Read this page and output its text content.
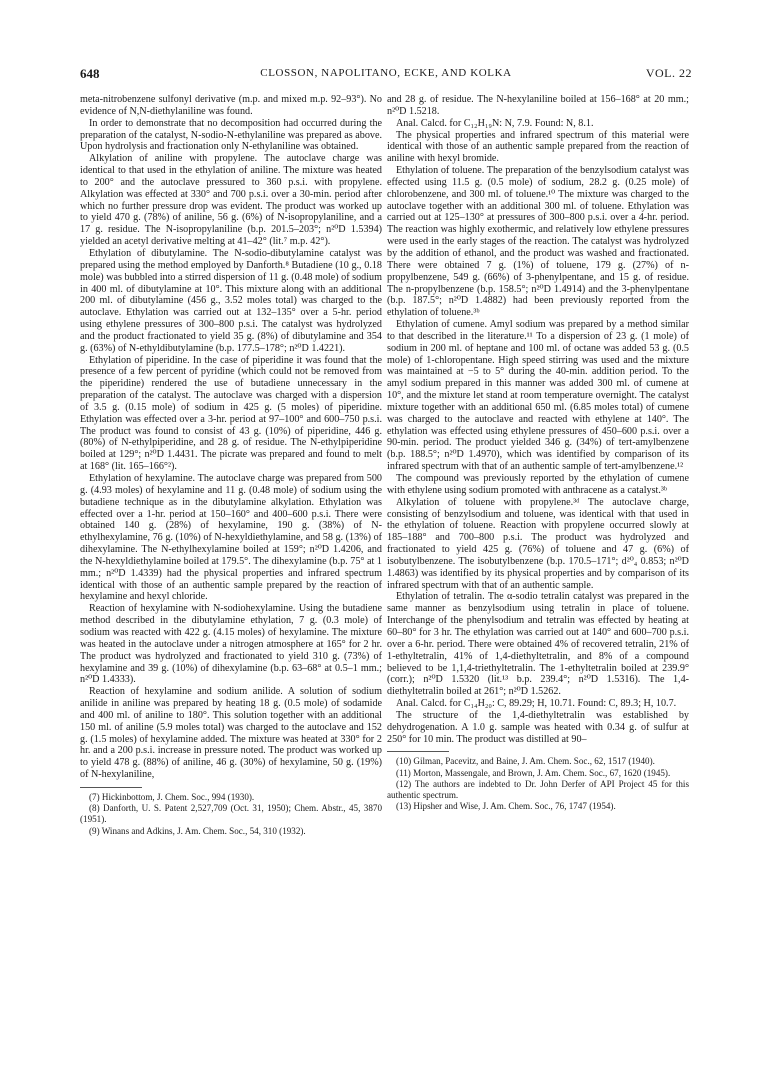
648	CLOSSON, NAPOLITANO, ECKE, AND KOLKA	VOL. 22

meta-nitrobenzene sulfonyl derivative (m.p. and mixed m.p. 92–93°). No evidence of N,N-diethylaniline was found.

In order to demonstrate that no decomposition had occurred during the preparation of the catalyst, N-sodio-N-ethylaniline was prepared as above. Upon hydrolysis and fractionation only N-ethylaniline was obtained.

Alkylation of aniline with propylene. The autoclave charge was identical to that used in the ethylation of aniline. The mixture was heated to 200° and the autoclave pressured to 360 p.s.i. with propylene. Alkylation was effected at 330° and 700 p.s.i. over a 30-min. period after which no further pressure drop was evident. The product was worked up to yield 470 g. (78%) of aniline, 56 g. (6%) of N-isopropylaniline, and a 17 g. residue. The N-isopropylaniline (b.p. 201.5–203°; n²⁰D 1.5394) yielded an acetyl derivative melting at 41–42° (lit.⁷ m.p. 42°).

Ethylation of dibutylamine. The N-sodio-dibutylamine catalyst was prepared using the method employed by Danforth.⁸ Butadiene (10 g., 0.18 mole) was bubbled into a stirred dispersion of 11 g. (0.48 mole) of sodium in 400 ml. of dibutylamine at 10°. This mixture along with an additional 200 ml. of dibutylamine (456 g., 3.52 moles total) was charged to the autoclave. Ethylation was carried out at 132–135° over a 5-hr. period using ethylene pressures of 300–800 p.s.i. The catalyst was hydrolyzed and the product fractionated to yield 35 g. (8%) of dibutylamine and 354 g. (63%) of N-ethyldibutylamine (b.p. 177.5–178°; n²⁰D 1.4221).

Ethylation of piperidine. In the case of piperidine it was found that the presence of a few percent of pyridine (which could not be removed from the piperidine) rendered the use of butadiene unnecessary in the preparation of the catalyst. The autoclave was charged with a dispersion of 3.5 g. (0.15 mole) of sodium in 425 g. (5 moles) of piperidine. Ethylation was effected over a 3-hr. period at 97–100° and 600–750 p.s.i. The product was found to consist of 43 g. (10%) of piperidine, 446 g. (80%) of N-ethylpiperidine, and 28 g. of residue. The N-ethylpiperidine boiled at 129°; n²⁰D 1.4431. The picrate was prepared and found to melt at 168° (lit. 165–166°²).

Ethylation of hexylamine. The autoclave charge was prepared from 500 g. (4.93 moles) of hexylamine and 11 g. (0.48 mole) of sodium using the butadiene technique as in the dibutylamine alkylation. Ethylation was effected over a 1-hr. period at 150–160° and 400–600 p.s.i. There were obtained 140 g. (28%) of hexylamine, 190 g. (38%) of N-ethylhexylamine, 76 g. (10%) of N-hexyldiethylamine, and 58 g. (13%) of dihexylamine. The N-ethylhexylamine boiled at 159°; n²⁰D 1.4206, and the N-hexyldiethylamine boiled at 179.5°. The dihexylamine (b.p. 75° at 1 mm.; n²⁰D 1.4339) had the physical properties and infrared spectrum identical with those of an authentic sample prepared by the reaction of hexylamine and hexyl chloride.

Reaction of hexylamine with N-sodiohexylamine. Using the butadiene method described in the dibutylamine ethylation, 7 g. (0.3 mole) of sodium was reacted with 422 g. (4.15 moles) of hexylamine. The mixture was heated in the autoclave under a nitrogen atmosphere at 165° for 2 hr. The product was hydrolyzed and fractionated to yield 310 g. (73%) of hexylamine and 39 g. (10%) of dihexylamine (b.p. 63–68° at 0.5–1 mm.; n²⁰D 1.4333).

Reaction of hexylamine and sodium anilide. A solution of sodium anilide in aniline was prepared by heating 18 g. (0.5 mole) of sodamide and 400 ml. of aniline to 180°. This solution together with an additional 150 ml. of aniline (5.9 moles total) was charged to the autoclave and 152 g. (1.5 moles) of hexylamine added. The mixture was heated at 330° for 2 hr. and a 200 p.s.i. increase in pressure noted. The product was worked up to yield 478 g. (88%) of aniline, 46 g. (30%) of hexylamine, 50 g. (19%) of N-hexylaniline,

(7) Hickinbottom, J. Chem. Soc., 994 (1930).

(8) Danforth, U. S. Patent 2,527,709 (Oct. 31, 1950); Chem. Abstr., 45, 3870 (1951).

(9) Winans and Adkins, J. Am. Chem. Soc., 54, 310 (1932).

and 28 g. of residue. The N-hexylaniline boiled at 156–168° at 20 mm.; n²⁰D 1.5218.

Anal. Calcd. for C₁₂H₁₉N: N, 7.9. Found: N, 8.1.

The physical properties and infrared spectrum of this material were identical with those of an authentic sample prepared from the reaction of aniline with hexyl bromide.

Ethylation of toluene. The preparation of the benzylsodium catalyst was effected using 11.5 g. (0.5 mole) of sodium, 28.2 g. (0.25 mole) of chlorobenzene, and 300 ml. of toluene.¹⁰ The mixture was charged to the autoclave together with an additional 300 ml. of toluene. Ethylation was carried out at 125–130° at pressures of 300–800 p.s.i. over a 4-hr. period. The reaction was highly exothermic, and relatively low ethylene pressures were used in the early stages of the reaction. The catalyst was hydrolyzed by the addition of ethanol, and the product was washed and fractionated. There were obtained 7 g. (1%) of toluene, 179 g. (27%) of n-propylbenzene, 549 g. (66%) of 3-phenylpentane, and 15 g. of residue. The n-propylbenzene (b.p. 158.5°; n²⁰D 1.4914) and the 3-phenylpentane (b.p. 187.5°; n²⁰D 1.4882) had been previously reported from the ethylation of toluene.³ᵇ

Ethylation of cumene. Amyl sodium was prepared by a method similar to that described in the literature.¹¹ To a dispersion of 23 g. (1 mole) of sodium in 200 ml. of heptane and 100 ml. of octane was added 53 g. (0.5 mole) of 1-chloropentane. High speed stirring was used and the mixture was maintained at −5 to 5° during the 40-min. addition period. To the amyl sodium prepared in this manner was added 300 ml. of cumene at 10°, and the mixture let stand at room temperature overnight. The catalyst mixture together with an additional 650 ml. (6.85 moles total) of cumene was charged to the autoclave and reacted with ethylene at 140°. The ethylation was effected using ethylene pressures of 450–600 p.s.i. over a 90-min. period. The product yielded 346 g. (34%) of tert-amylbenzene (b.p. 188.5°; n²⁰D 1.4970), which was identified by comparison of its infrared spectrum with that of an authentic sample of tert-amylbenzene.¹²

The compound was previously reported by the ethylation of cumene with ethylene using sodium promoted with anthracene as a catalyst.³ᵇ

Alkylation of toluene with propylene.³ᵈ The autoclave charge, consisting of benzylsodium and toluene, was identical with that used in the ethylation of toluene. Reaction with propylene occurred slowly at 185–188° and 700–800 p.s.i. The product was hydrolyzed and fractionated to yield 425 g. (76%) of toluene and 47 g. (6%) of isobutylbenzene. The isobutylbenzene (b.p. 170.5–171°; d²⁰₄ 0.853; n²⁰D 1.4863) was identified by its physical properties and by comparison of its infrared spectrum with that of an authentic sample.

Ethylation of tetralin. The α-sodio tetralin catalyst was prepared in the same manner as benzylsodium using tetralin in place of toluene. Interchange of the phenylsodium and tetralin was effected by heating at 60–80° for 3 hr. The ethylation was carried out at 140° and 600–700 p.s.i. over a 6-hr. period. There were obtained 4% of recovered tetralin, 21% of 1-ethyltetralin, 41% of 1,4-diethyltetralin, and 8% of a compound believed to be 1,1,4-triethyltetralin. The 1-ethyltetralin boiled at 239.9° (corr.); n²⁰D 1.5320 (lit.¹³ b.p. 239.4°; n²⁰D 1.5316). The 1,4-diethyltetralin boiled at 261°; n²⁰D 1.5262.

Anal. Calcd. for C₁₄H₂₀: C, 89.29; H, 10.71. Found: C, 89.3; H, 10.7.

The structure of the 1,4-diethyltetralin was established by dehydrogenation. A 1.0 g. sample was heated with 0.34 g. of sulfur at 250° for 10 min. The product was distilled at 90–

(10) Gilman, Pacevitz, and Baine, J. Am. Chem. Soc., 62, 1517 (1940).

(11) Morton, Massengale, and Brown, J. Am. Chem. Soc., 67, 1620 (1945).

(12) The authors are indebted to Dr. John Derfer of API Project 45 for this authentic spectrum.

(13) Hipsher and Wise, J. Am. Chem. Soc., 76, 1747 (1954).
